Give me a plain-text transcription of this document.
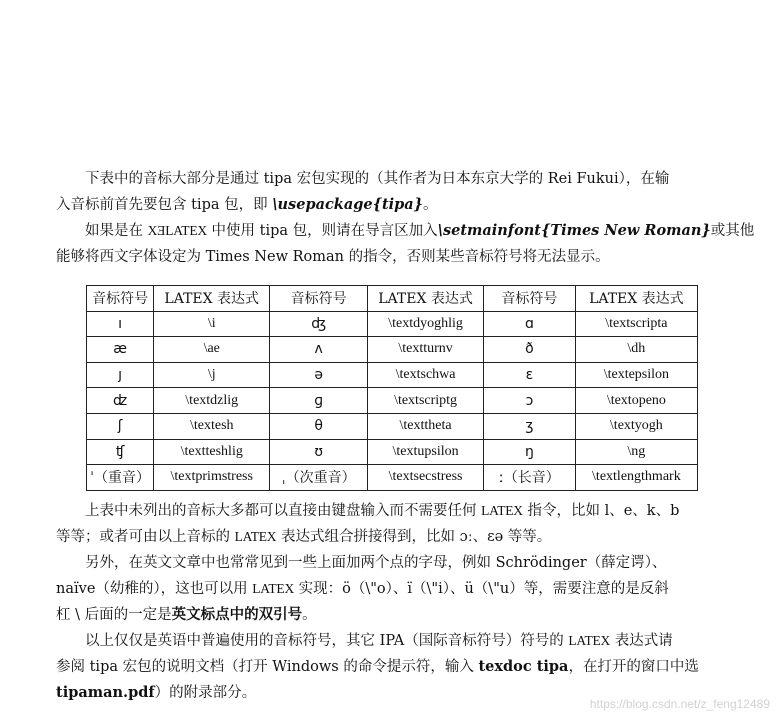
下表中的音标大部分是通过 tipa 宏包实现的（其作者为日本东京大学的 Rei Fukui），在输
入音标前首先要包含 tipa 包，即 \usepackage{tipa}。
如果是在 XƎLATEX 中使用 tipa 包，则请在导言区加入\setmainfont{Times New Roman}或其他
能够将西文字体设定为 Times New Roman 的指令，否则某些音标符号将无法显示。
音标符号	LATEX 表达式	音标符号	LATEX 表达式	音标符号	LATEX 表达式
ı	\i	ʤ	\textdyoghlig	ɑ	\textscripta
æ	\ae	ʌ	\textturnv	ð	\dh
ȷ	\j	ə	\textschwa	ɛ	\textepsilon
ʣ	\textdzlig	ɡ	\textscriptg	ɔ	\textopeno
ʃ	\textesh	θ	\texttheta	ʒ	\textyogh
ʧ	\textteshlig	ʊ	\textupsilon	ŋ	\ng
ˈ（重音）	\textprimstress	ˌ（次重音）	\textsecstress	ː（长音）	\textlengthmark
上表中未列出的音标大多都可以直接由键盘输入而不需要任何 LATEX 指令，比如 l、e、k、b
等等；或者可由以上音标的 LATEX 表达式组合拼接得到，比如 ɔː、ɛə 等等。
另外，在英文文章中也常常见到一些上面加两个点的字母，例如 Schrödinger（薛定谔）、
naïve（幼稚的），这也可以用 LATEX 实现：ö（\"o）、ï（\"i）、ü（\"u）等，需要注意的是反斜
杠 \ 后面的一定是英文标点中的双引号。
以上仅仅是英语中普遍使用的音标符号，其它 IPA（国际音标符号）符号的 LATEX 表达式请
参阅 tipa 宏包的说明文档（打开 Windows 的命令提示符，输入 texdoc tipa，在打开的窗口中选
tipaman.pdf）的附录部分。
https://blog.csdn.net/z_feng12489
